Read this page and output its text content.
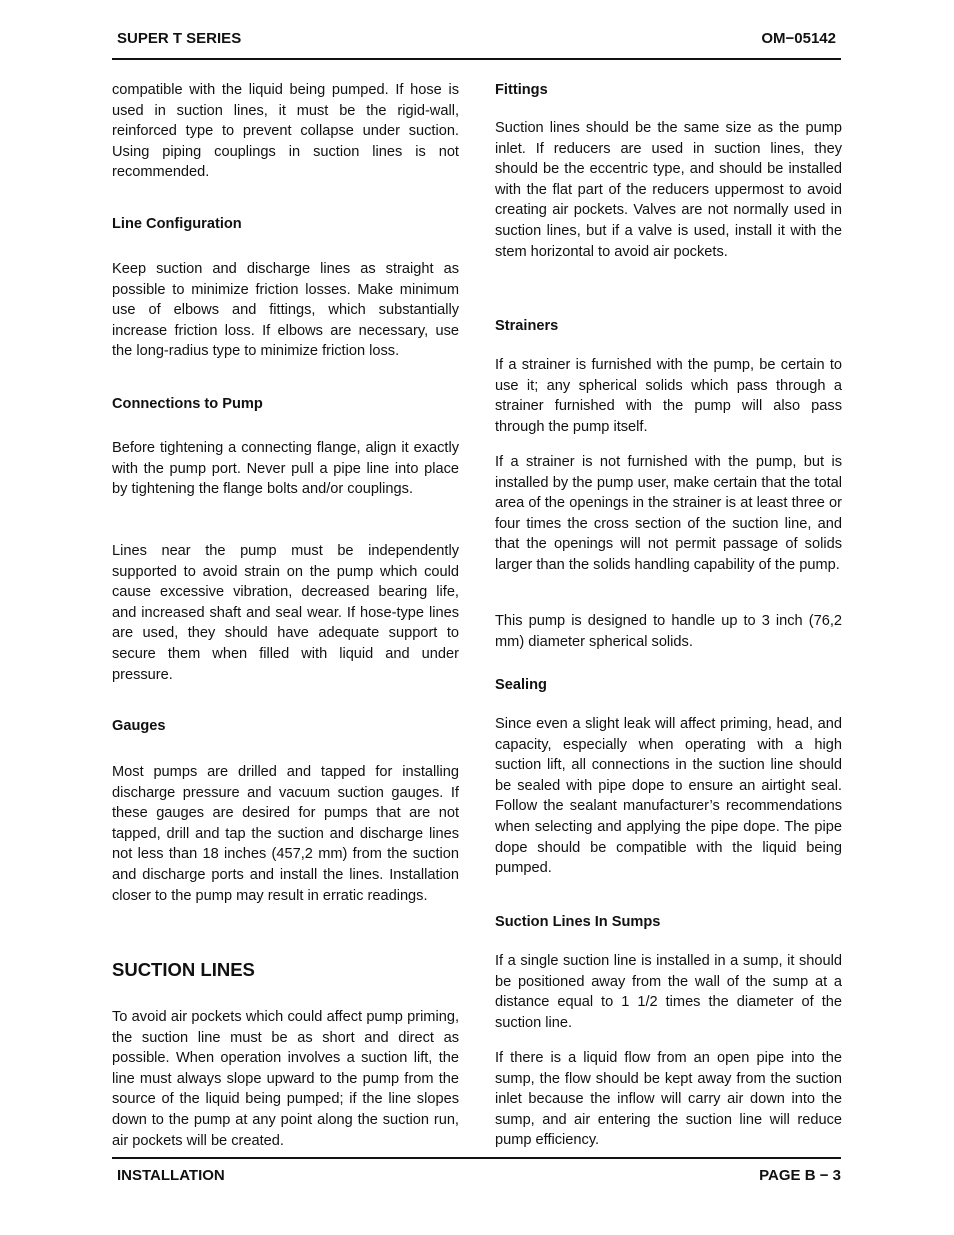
SUPER T SERIES	OM−05142

compatible with the liquid being pumped. If hose is used in suction lines, it must be the rigid-wall, reinforced type to prevent collapse under suction. Using piping couplings in suction lines is not recommended.

Line Configuration

Keep suction and discharge lines as straight as possible to minimize friction losses. Make minimum use of elbows and fittings, which substantially increase friction loss. If elbows are necessary, use the long-radius type to minimize friction loss.

Connections to Pump

Before tightening a connecting flange, align it exactly with the pump port. Never pull a pipe line into place by tightening the flange bolts and/or couplings.

Lines near the pump must be independently supported to avoid strain on the pump which could cause excessive vibration, decreased bearing life, and increased shaft and seal wear. If hose-type lines are used, they should have adequate support to secure them when filled with liquid and under pressure.

Gauges

Most pumps are drilled and tapped for installing discharge pressure and vacuum suction gauges. If these gauges are desired for pumps that are not tapped, drill and tap the suction and discharge lines not less than 18 inches (457,2 mm) from the suction and discharge ports and install the lines. Installation closer to the pump may result in erratic readings.

SUCTION LINES

To avoid air pockets which could affect pump priming, the suction line must be as short and direct as possible. When operation involves a suction lift, the line must always slope upward to the pump from the source of the liquid being pumped; if the line slopes down to the pump at any point along the suction run, air pockets will be created.

Fittings

Suction lines should be the same size as the pump inlet. If reducers are used in suction lines, they should be the eccentric type, and should be installed with the flat part of the reducers uppermost to avoid creating air pockets. Valves are not normally used in suction lines, but if a valve is used, install it with the stem horizontal to avoid air pockets.

Strainers

If a strainer is furnished with the pump, be certain to use it; any spherical solids which pass through a strainer furnished with the pump will also pass through the pump itself.

If a strainer is not furnished with the pump, but is installed by the pump user, make certain that the total area of the openings in the strainer is at least three or four times the cross section of the suction line, and that the openings will not permit passage of solids larger than the solids handling capability of the pump.

This pump is designed to handle up to 3 inch (76,2 mm) diameter spherical solids.

Sealing

Since even a slight leak will affect priming, head, and capacity, especially when operating with a high suction lift, all connections in the suction line should be sealed with pipe dope to ensure an airtight seal. Follow the sealant manufacturer’s recommendations when selecting and applying the pipe dope. The pipe dope should be compatible with the liquid being pumped.

Suction Lines In Sumps

If a single suction line is installed in a sump, it should be positioned away from the wall of the sump at a distance equal to 1 1/2 times the diameter of the suction line.

If there is a liquid flow from an open pipe into the sump, the flow should be kept away from the suction inlet because the inflow will carry air down into the sump, and air entering the suction line will reduce pump efficiency.

INSTALLATION	PAGE B − 3
